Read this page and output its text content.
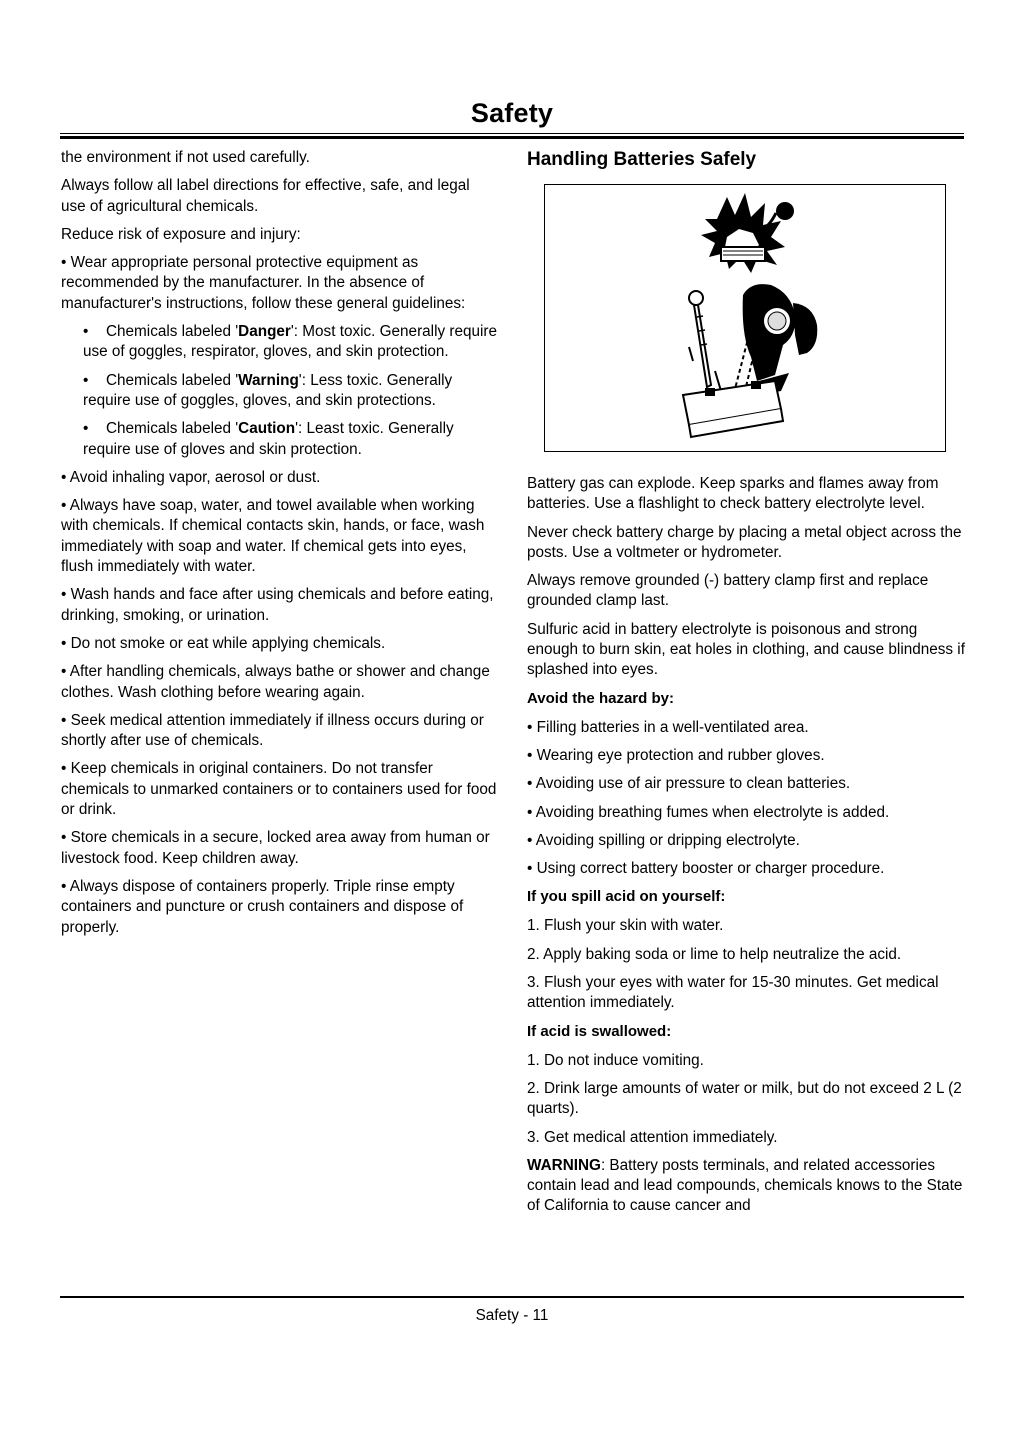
Safety

the environment if not used carefully.

Always follow all label directions for effective, safe, and legal use of agricultural chemicals.

Reduce risk of exposure and injury:

• Wear appropriate personal protective equipment as recommended by the manufacturer. In the absence of manufacturer's instructions, follow these general guidelines:

• Chemicals labeled 'Danger': Most toxic. Generally require use of goggles, respirator, gloves, and skin protection.

• Chemicals labeled 'Warning': Less toxic. Generally require use of goggles, gloves, and skin protections.

• Chemicals labeled 'Caution': Least toxic. Generally require use of gloves and skin protection.

• Avoid inhaling vapor, aerosol or dust.

• Always have soap, water, and towel available when working with chemicals. If chemical contacts skin, hands, or face, wash immediately with soap and water. If chemical gets into eyes, flush immediately with water.

• Wash hands and face after using chemicals and before eating, drinking, smoking, or urination.

• Do not smoke or eat while applying chemicals.

• After handling chemicals, always bathe or shower and change clothes. Wash clothing before wearing again.

• Seek medical attention immediately if illness occurs during or shortly after use of chemicals.

• Keep chemicals in original containers. Do not transfer chemicals to unmarked containers or to containers used for food or drink.

• Store chemicals in a secure, locked area away from human or livestock food. Keep children away.

• Always dispose of containers properly. Triple rinse empty containers and puncture or crush containers and dispose of properly.

Handling Batteries Safely

Battery gas can explode. Keep sparks and flames away from batteries. Use a flashlight to check battery electrolyte level.

Never check battery charge by placing a metal object across the posts. Use a voltmeter or hydrometer.

Always remove grounded (-) battery clamp first and replace grounded clamp last.

Sulfuric acid in battery electrolyte is poisonous and strong enough to burn skin, eat holes in clothing, and cause blindness if splashed into eyes.

Avoid the hazard by:

• Filling batteries in a well-ventilated area.

• Wearing eye protection and rubber gloves.

• Avoiding use of air pressure to clean batteries.

• Avoiding breathing fumes when electrolyte is added.

• Avoiding spilling or dripping electrolyte.

• Using correct battery booster or charger procedure.

If you spill acid on yourself:

1. Flush your skin with water.

2. Apply baking soda or lime to help neutralize the acid.

3. Flush your eyes with water for 15-30 minutes. Get medical attention immediately.

If acid is swallowed:

1. Do not induce vomiting.

2. Drink large amounts of water or milk, but do not exceed 2 L (2 quarts).

3. Get medical attention immediately.

WARNING: Battery posts terminals, and related accessories contain lead and lead compounds, chemicals knows to the State of California to cause cancer and

Safety - 11
